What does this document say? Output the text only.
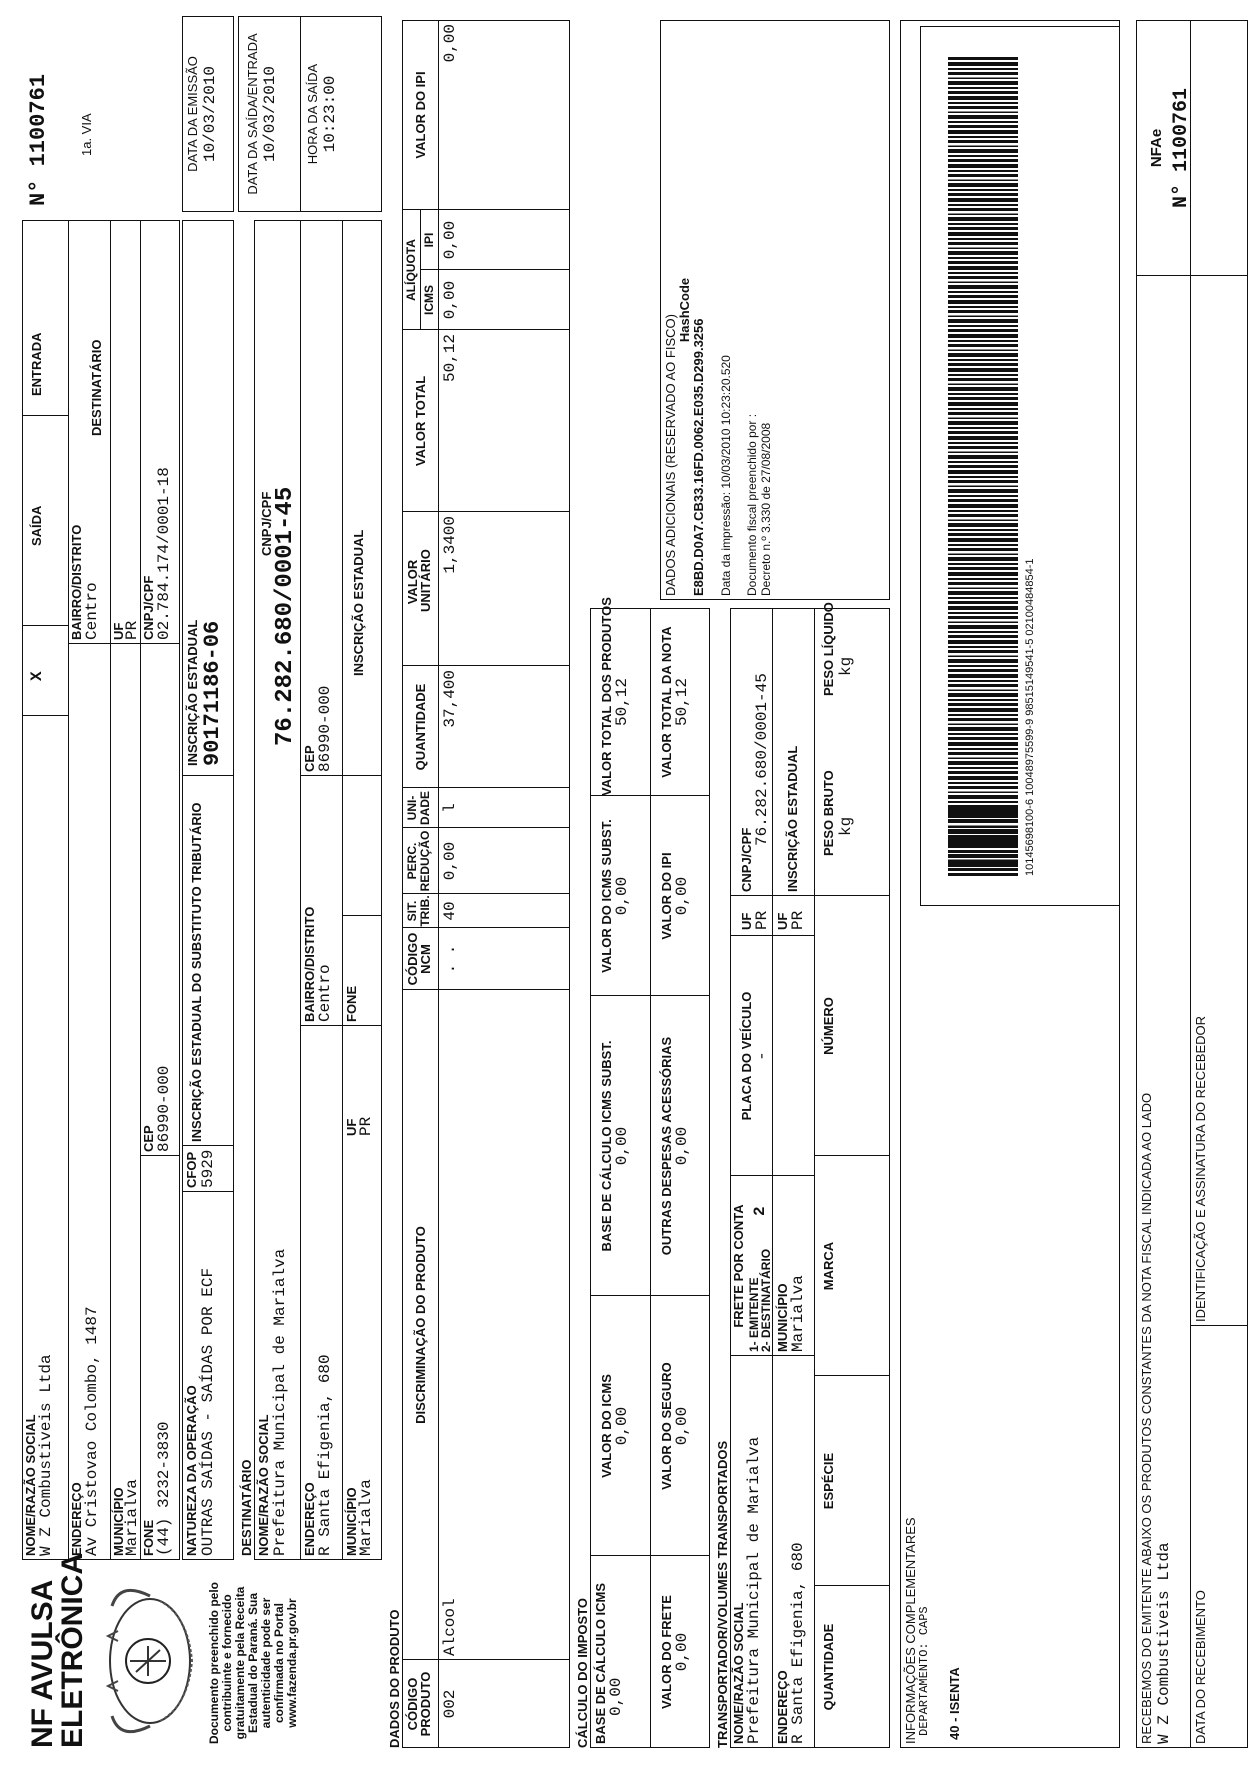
NF AVULSA
ELETRÔNICA	Documento preenchido pelo contribuinte e fornecido gratuitamente pela Receita Estadual do Paraná. Sua autenticidade pode ser confirmada no Portal www.fazenda.pr.gov.br
NOME/RAZÃO SOCIAL W Z Combustiveis Ltda
X
SAÍDA
ENTRADA
N° 1100761 1a. VIA
ENDEREÇO Av Cristovao Colombo, 1487
BAIRRO/DISTRITO Centro
DESTINATÁRIO
MUNICÍPIO
Marialva
UF
PR
FONE (44) 3232-3830
CEP 86990-000
CNPJ/CPF 02.784.174/0001-18
NATUREZA DA OPERAÇÃO OUTRAS SAÍDAS - SAÍDAS POR ECF
CFOP 5929
INSCRIÇÃO ESTADUAL DO SUBSTITUTO TRIBUTÁRIO
INSCRIÇÃO ESTADUAL 90171186-06
DATA DA EMISSÃO 10/03/2010
DESTINATÁRIO NOME/RAZÃO SOCIAL Prefeitura Municipal de Marialva
CNPJ/CPF
76.282.680/0001-45
ENDEREÇO R Santa Efigenia, 680
BAIRRO/DISTRITO Centro
CEP 86990-000
MUNICÍPIO
Marialva
UF
PR
FONE
INSCRIÇÃO ESTADUAL
DATA DA SAÍDA/ENTRADA 10/03/2010 HORA DA SAÍDA 10:23:00
DADOS DO PRODUTO CÓDIGO PRODUTO
DISCRIMINAÇÃO DO PRODUTO
CÓDIGO NCM
SIT. TRIB.
PERC. REDUÇÃO
UNI- DADE
QUANTIDADE
VALOR UNITÁRIO
VALOR TOTAL
ALÍQUOTA ICMS
IPI
VALOR DO IPI
002
Alcool
. .
40
0,00
l
37,400
1,3400
50,12
0,00
0,00
0,00
CÁLCULO DO IMPOSTO BASE DE CÁLCULO ICMS 0,00
VALOR DO ICMS 0,00
BASE DE CÁLCULO ICMS SUBST. 0,00
VALOR DO ICMS SUBST. 0,00
VALOR TOTAL DOS PRODUTOS 50,12
VALOR DO FRETE 0,00
VALOR DO SEGURO 0,00
OUTRAS DESPESAS ACESSÓRIAS 0,00
VALOR DO IPI 0,00
VALOR TOTAL DA NOTA 50,12
TRANSPORTADOR/VOLUMES TRANSPORTADOS NOME/RAZÃO SOCIAL Prefeitura Municipal de Marialva
FRETE POR CONTA 1- EMITENTE
2- DESTINATÁRIO
2
PLACA DO VEÍCULO -
UF PR
CNPJ/CPF
76.282.680/0001-45
ENDEREÇO R Santa Efigenia, 680
MUNICÍPIO Marialva
UF PR
INSCRIÇÃO ESTADUAL
QUANTIDADE
ESPÉCIE
MARCA
NÚMERO
PESO BRUTO kg
PESO LÍQUIDO kg
DADOS ADICIONAIS (RESERVADO AO FISCO)
HashCode
E8BD.D0A7.CB33.16FD.0062.E035.D299.3256 Data da impressão: 10/03/2010 10:23:20.520 Documento fiscal preenchido por : Decreto n.º 3.330 de 27/08/2008
INFORMAÇÕES COMPLEMENTARES DEPARTAMENTO: CAPS 40 - ISENTA
10145698100-6 10048975599-9 98515149541-5 02100484854-1
RECEBEMOS DO EMITENTE ABAIXO OS PRODUTOS CONSTANTES DA NOTA FISCAL INDICADA AO LADO W Z Combustiveis Ltda DATA DO RECEBIMENTO
IDENTIFICAÇÃO E ASSINATURA DO RECEBEDOR
NFAe N° 1100761
